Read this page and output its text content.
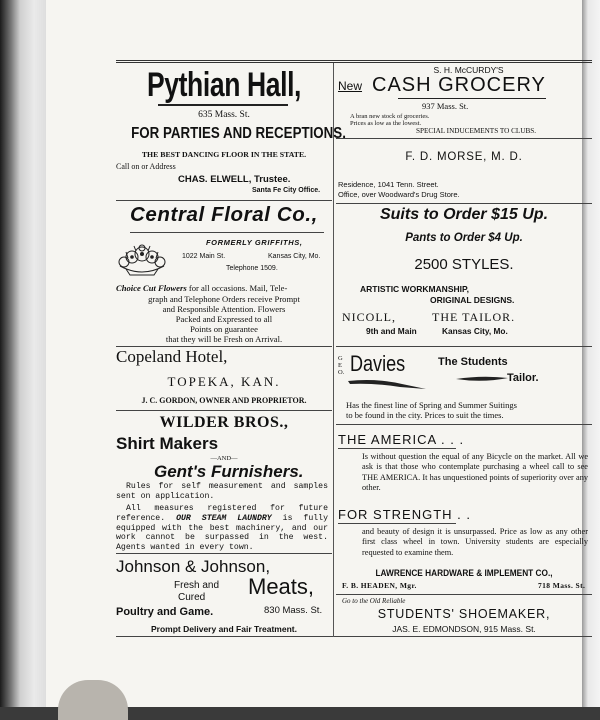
Pythian Hall,
635 Mass. St.
FOR PARTIES AND RECEPTIONS.
THE BEST DANCING FLOOR IN THE STATE.
Call on or Address
CHAS. ELWELL, Trustee.
Santa Fe City Office.
Central Floral Co.,
FORMERLY GRIFFITHS,
1022 Main St.	Kansas City, Mo.
Telephone 1509.
Choice Cut Flowers for all occasions. Mail, Tele-
graph and Telephone Orders receive Prompt
and Responsible Attention. Flowers
Packed and Expressed to all
Points on guarantee
that they will be Fresh on Arrival.
Copeland Hotel,
TOPEKA, KAN.
J. C. GORDON, OWNER AND PROPRIETOR.
WILDER BROS.,
Shirt Makers
—AND—
Gent's Furnishers.
Rules for self measurement and samples sent on application.
All measures registered for future reference. OUR STEAM LAUNDRY is fully equipped with the best machinery, and our work cannot be surpassed in the west. Agents wanted in every town.
Johnson & Johnson,
Fresh and
Cured Meats,
Poultry and Game.	830 Mass. St.
Prompt Delivery and Fair Treatment.
S. H. McCURDY'S
New CASH GROCERY
937 Mass. St.
A bran new stock of groceries.
Prices as low as the lowest.
SPECIAL INDUCEMENTS TO CLUBS.
F. D. MORSE, M. D.
Residence, 1041 Tenn. Street.
Office, over Woodward's Drug Store.
Suits to Order $15 Up.
Pants to Order $4 Up.
2500 STYLES.
ARTISTIC WORKMANSHIP,
ORIGINAL DESIGNS.
NICOLL,	THE TAILOR.
9th and Main	Kansas City, Mo.
GEO. Davies	The Students
Tailor.
Has the finest line of Spring and Summer Suitings
to be found in the city. Prices to suit the times.
THE AMERICA . . .
Is without question the equal of any Bicycle on the market. All we ask is that those who contemplate purchasing a wheel call to see THE AMERICA. It has unquestioned points of superiority over any other.
FOR STRENGTH . .
and beauty of design it is unsurpassed. Price as low as any other first class wheel in town. University students are especially requested to examine them.
LAWRENCE HARDWARE & IMPLEMENT CO.,
F. B. HEADEN, Mgr.	718 Mass. St.
Go to the Old Reliable
STUDENTS' SHOEMAKER,
JAS. E. EDMONDSON, 915 Mass. St.
